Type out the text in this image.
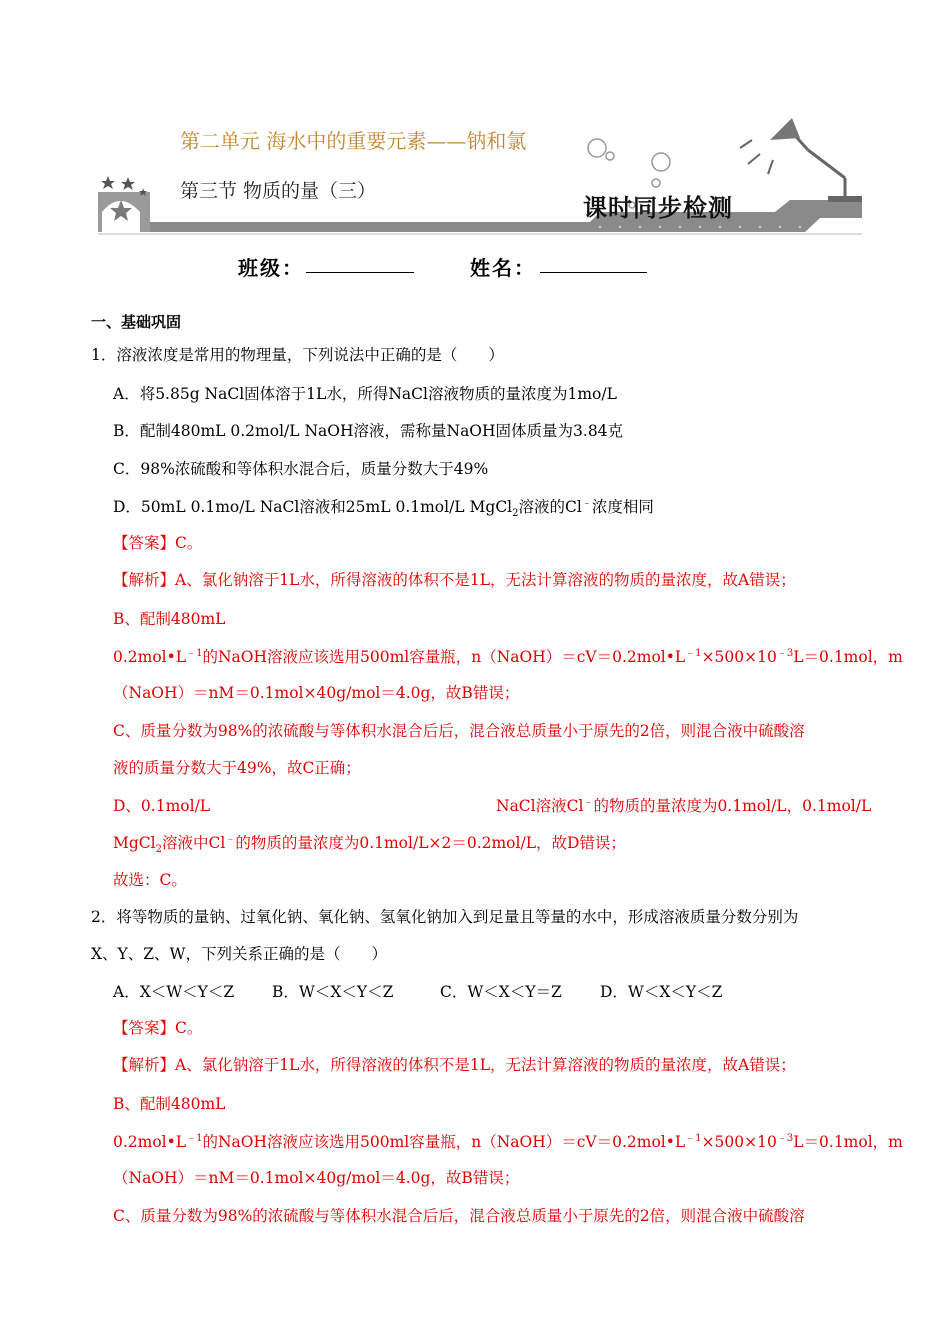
第二单元 海水中的重要元素——钠和氯
第三节 物质的量（三）
课时同步检测
班级：	姓名：
一、基础巩固
1．溶液浓度是常用的物理量，下列说法中正确的是（　　）
A．将5.85g NaCl固体溶于1L水，所得NaCl溶液物质的量浓度为1mo/L
B．配制480mL 0.2mol/L NaOH溶液，需称量NaOH固体质量为3.84克
C．98%浓硫酸和等体积水混合后，质量分数大于49%
D．50mL 0.1mo/L NaCl溶液和25mL 0.1mol/L MgCl$_2$溶液的Cl﹣浓度相同
【答案】C。
【解析】A、氯化钠溶于1L水，所得溶液的体积不是1L，无法计算溶液的物质的量浓度，故A错误；
B、配制480mL
$0.2mol•L^{﹣1}$的NaOH溶液应该选用500ml容量瓶，$n(NaOH)=cV=0.2mol•L^{﹣1}\times 500\times 10^{﹣3}L=0.1mol$，m
（NaOH）＝nM＝0.1mol×40g/mol＝4.0g，故B错误；
C、质量分数为98%的浓硫酸与等体积水混合后后，混合液总质量小于原先的2倍，则混合液中硫酸溶
液的质量分数大于49%，故C正确；
D、0.1mol/L	NaCl溶液Cl﹣的物质的量浓度为0.1mol/L，0.1mol/L
MgCl$_2$溶液中Cl﹣的物质的量浓度为0.1mol/L×2＝0.2mol/L，故D错误；
故选：C。
2．将等物质的量钠、过氧化钠、氧化钠、氢氧化钠加入到足量且等量的水中，形成溶液质量分数分别为
X、Y、Z、W，下列关系正确的是（　　）
A．X＜W＜Y＜Z B．W＜X＜Y＜Z	C．W＜X＜Y＝Z D．W＜X＜Y＜Z
【答案】C。
【解析】A、氯化钠溶于1L水，所得溶液的体积不是1L，无法计算溶液的物质的量浓度，故A错误；
B、配制480mL
$0.2mol•L^{﹣1}$的NaOH溶液应该选用500ml容量瓶，$n(NaOH)=cV=0.2mol•L^{﹣1}\times 500\times 10^{﹣3}L=0.1mol$，m
（NaOH）＝nM＝0.1mol×40g/mol＝4.0g，故B错误；
C、质量分数为98%的浓硫酸与等体积水混合后后，混合液总质量小于原先的2倍，则混合液中硫酸溶
